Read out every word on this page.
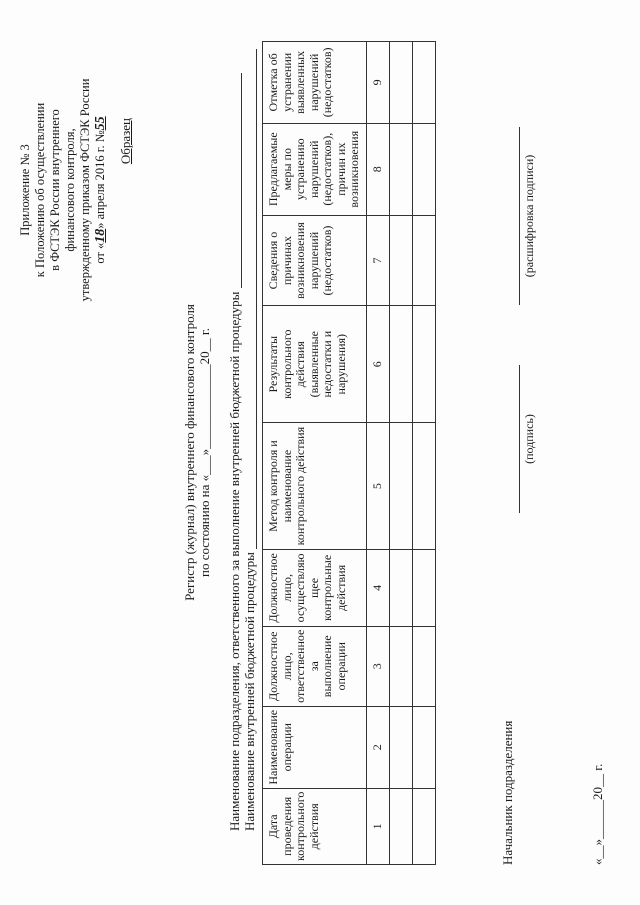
Приложение № 3 к Положению об осуществлении в ФСТЭК России внутреннего финансового контроля, утвержденному приказом ФСТЭК России от «18» апреля 2016 г. №55 Образец
Регистр (журнал) внутреннего финансового контроля по состоянию на «___»_____________20__ г. Наименование подразделения, ответственного за выполнение внутренней бюджетной процедуры Наименование внутренней бюджетной процедуры Дата проведения контрольного действия	Наименование операции	Должностное лицо, ответственное за выполнение операции	Должностное лицо, осуществляю щее контрольные действия	Метод контроля и наименование контрольного действия	Результаты контрольного действия (выявленные недостатки и нарушения)	Сведения о причинах возникновения нарушений (недостатков)	Предлагаемые меры по устранению нарушений (недостатков), причин их возникновения	Отметка об устранении выявленных нарушений (недостатков)
1	2	3	4	5	6	7	8	9

Начальник подразделения
(подпись)
(расшифровка подписи)
«__»______20__ г.
